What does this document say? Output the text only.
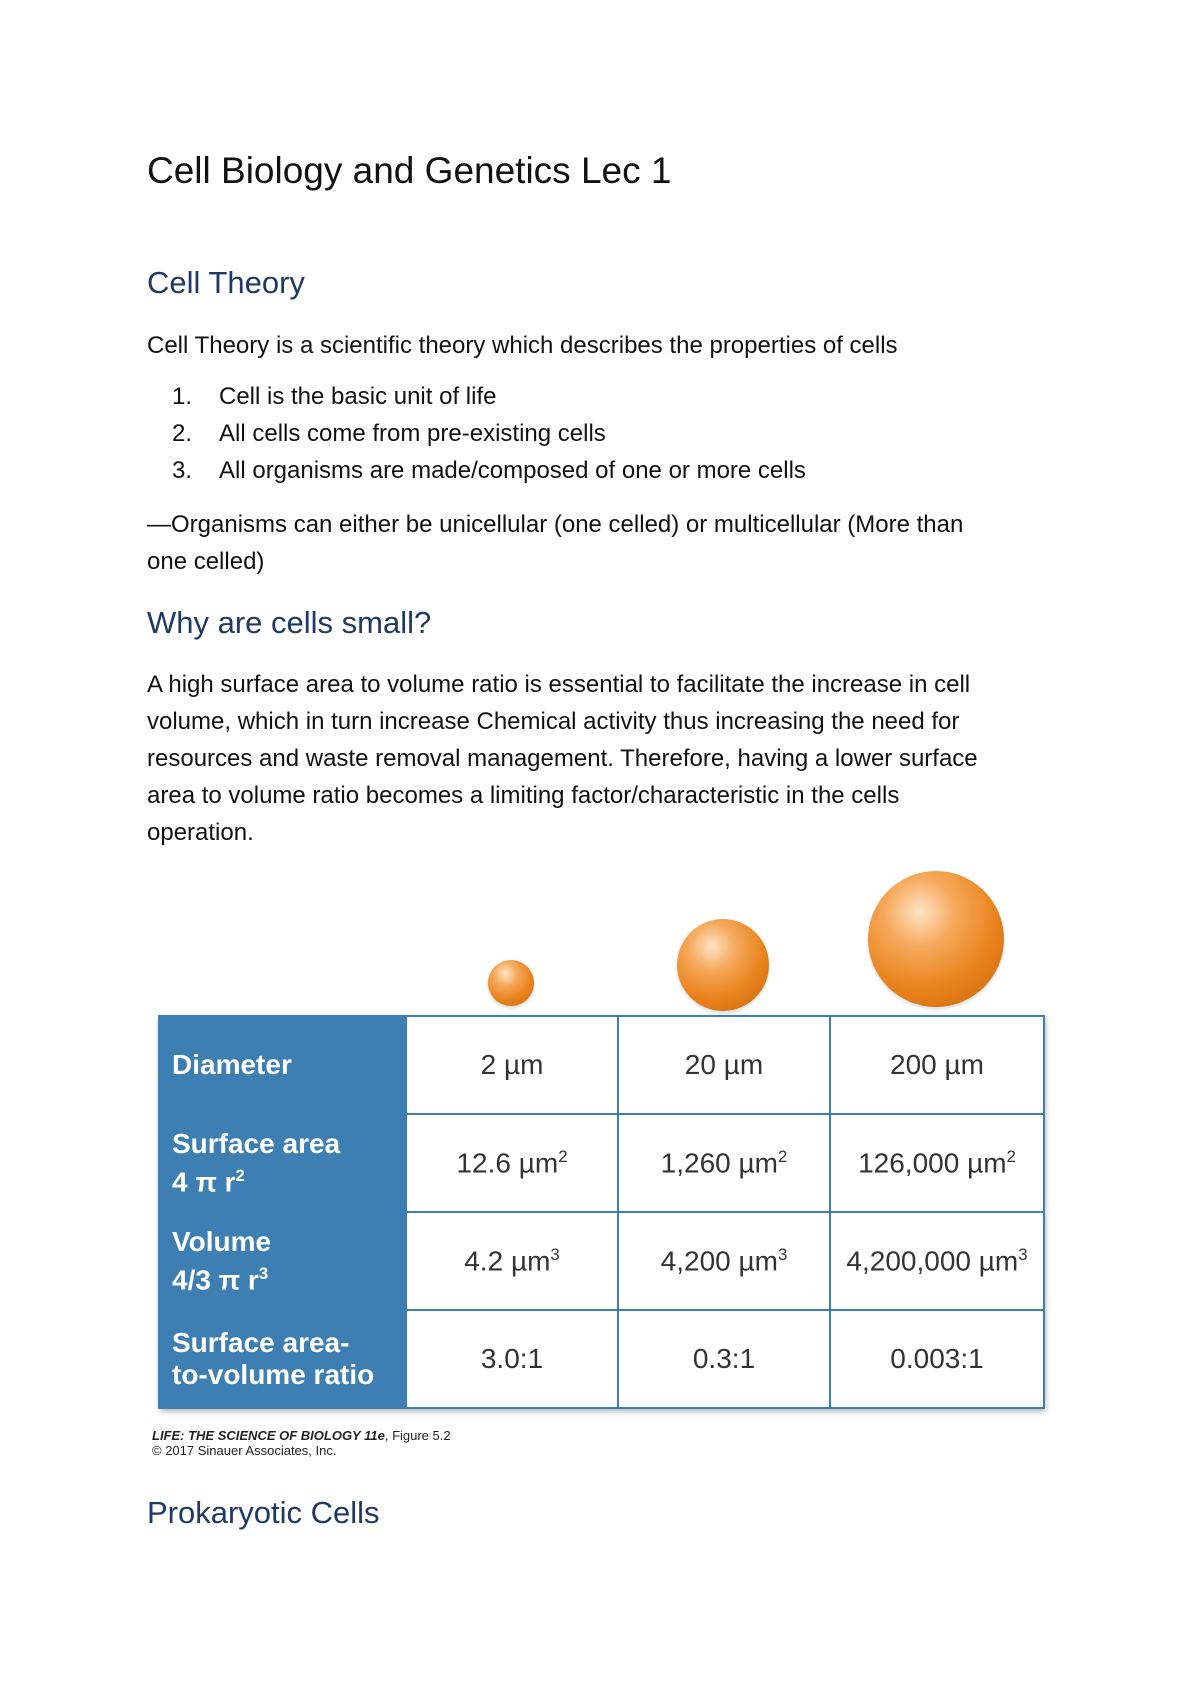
Cell Biology and Genetics Lec 1
Cell Theory
Cell Theory is a scientific theory which describes the properties of cells
1. Cell is the basic unit of life
2. All cells come from pre-existing cells
3. All organisms are made/composed of one or more cells
—Organisms can either be unicellular (one celled) or multicellular (More than
one celled)
Why are cells small?
A high surface area to volume ratio is essential to facilitate the increase in cell
volume, which in turn increase Chemical activity thus increasing the need for
resources and waste removal management. Therefore, having a lower surface
area to volume ratio becomes a limiting factor/characteristic in the cells
operation.
Diameter	2 µm	20 µm	200 µm

Surface area
4 π $r^2$	12.6 µm$^2$	1,260 µm$^2$	126,000 µm$^2$

Volume
4/3 π $r^3$	4.2 µm$^3$	4,200 µm$^3$	4,200,000 µm$^3$

Surface area-
to-volume ratio	3.0:1	0.3:1	0.003:1
LIFE: THE SCIENCE OF BIOLOGY 11e, Figure 5.2
© 2017 Sinauer Associates, Inc.
Prokaryotic Cells
